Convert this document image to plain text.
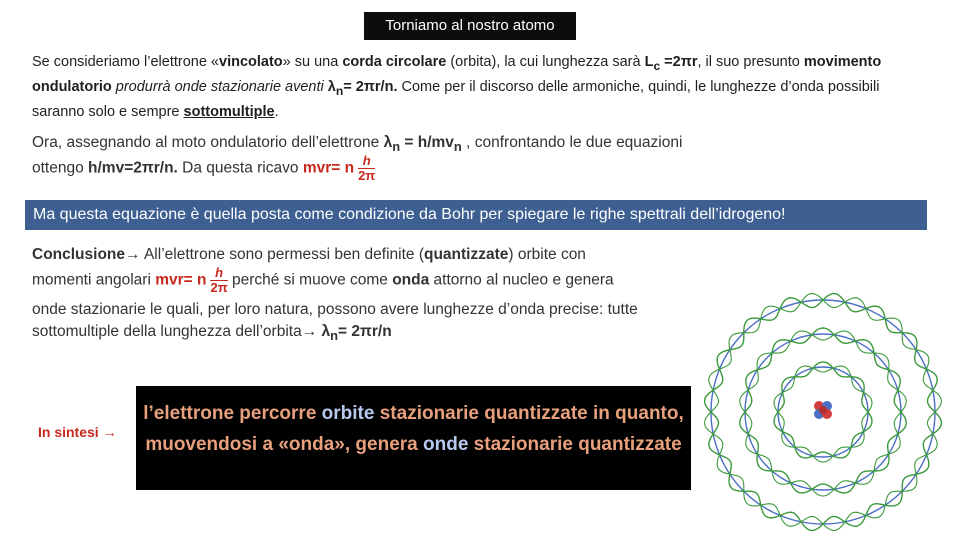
Torniamo al nostro atomo
Se consideriamo l’elettrone «vincolato» su una corda circolare (orbita), la cui lunghezza sarà $L_c =2\pi r$, il suo presunto movimento ondulatorio produrrà onde stazionarie aventi $\lambda_n= 2\pi r/n$. Come per il discorso delle armoniche, quindi, le lunghezze d’onda possibili saranno solo e sempre sottomultiple.
Ora, assegnando al moto ondulatorio dell’elettrone $\lambda_n = h/mv_n$ , confrontando le due equazioni
ottengo h/mv=2πr/n. Da questa ricavo mvr= n $\frac{h}{2\pi}$
Ma questa equazione è quella posta come condizione da Bohr per spiegare le righe spettrali dell’idrogeno!
Conclusione→ All’elettrone sono permessi ben definite (quantizzate) orbite con
momenti angolari mvr= n $\frac{h}{2\pi}$ perché si muove come onda attorno al nucleo e genera
onde stazionarie le quali, per loro natura, possono avere lunghezze d’onda precise: tutte
sottomultiple della lunghezza dell’orbita→ $\lambda_n= 2\pi r/n$
In sintesi →
l’elettrone percorre orbite stazionarie quantizzate in quanto, muovendosi a «onda», genera onde stazionarie quantizzate
